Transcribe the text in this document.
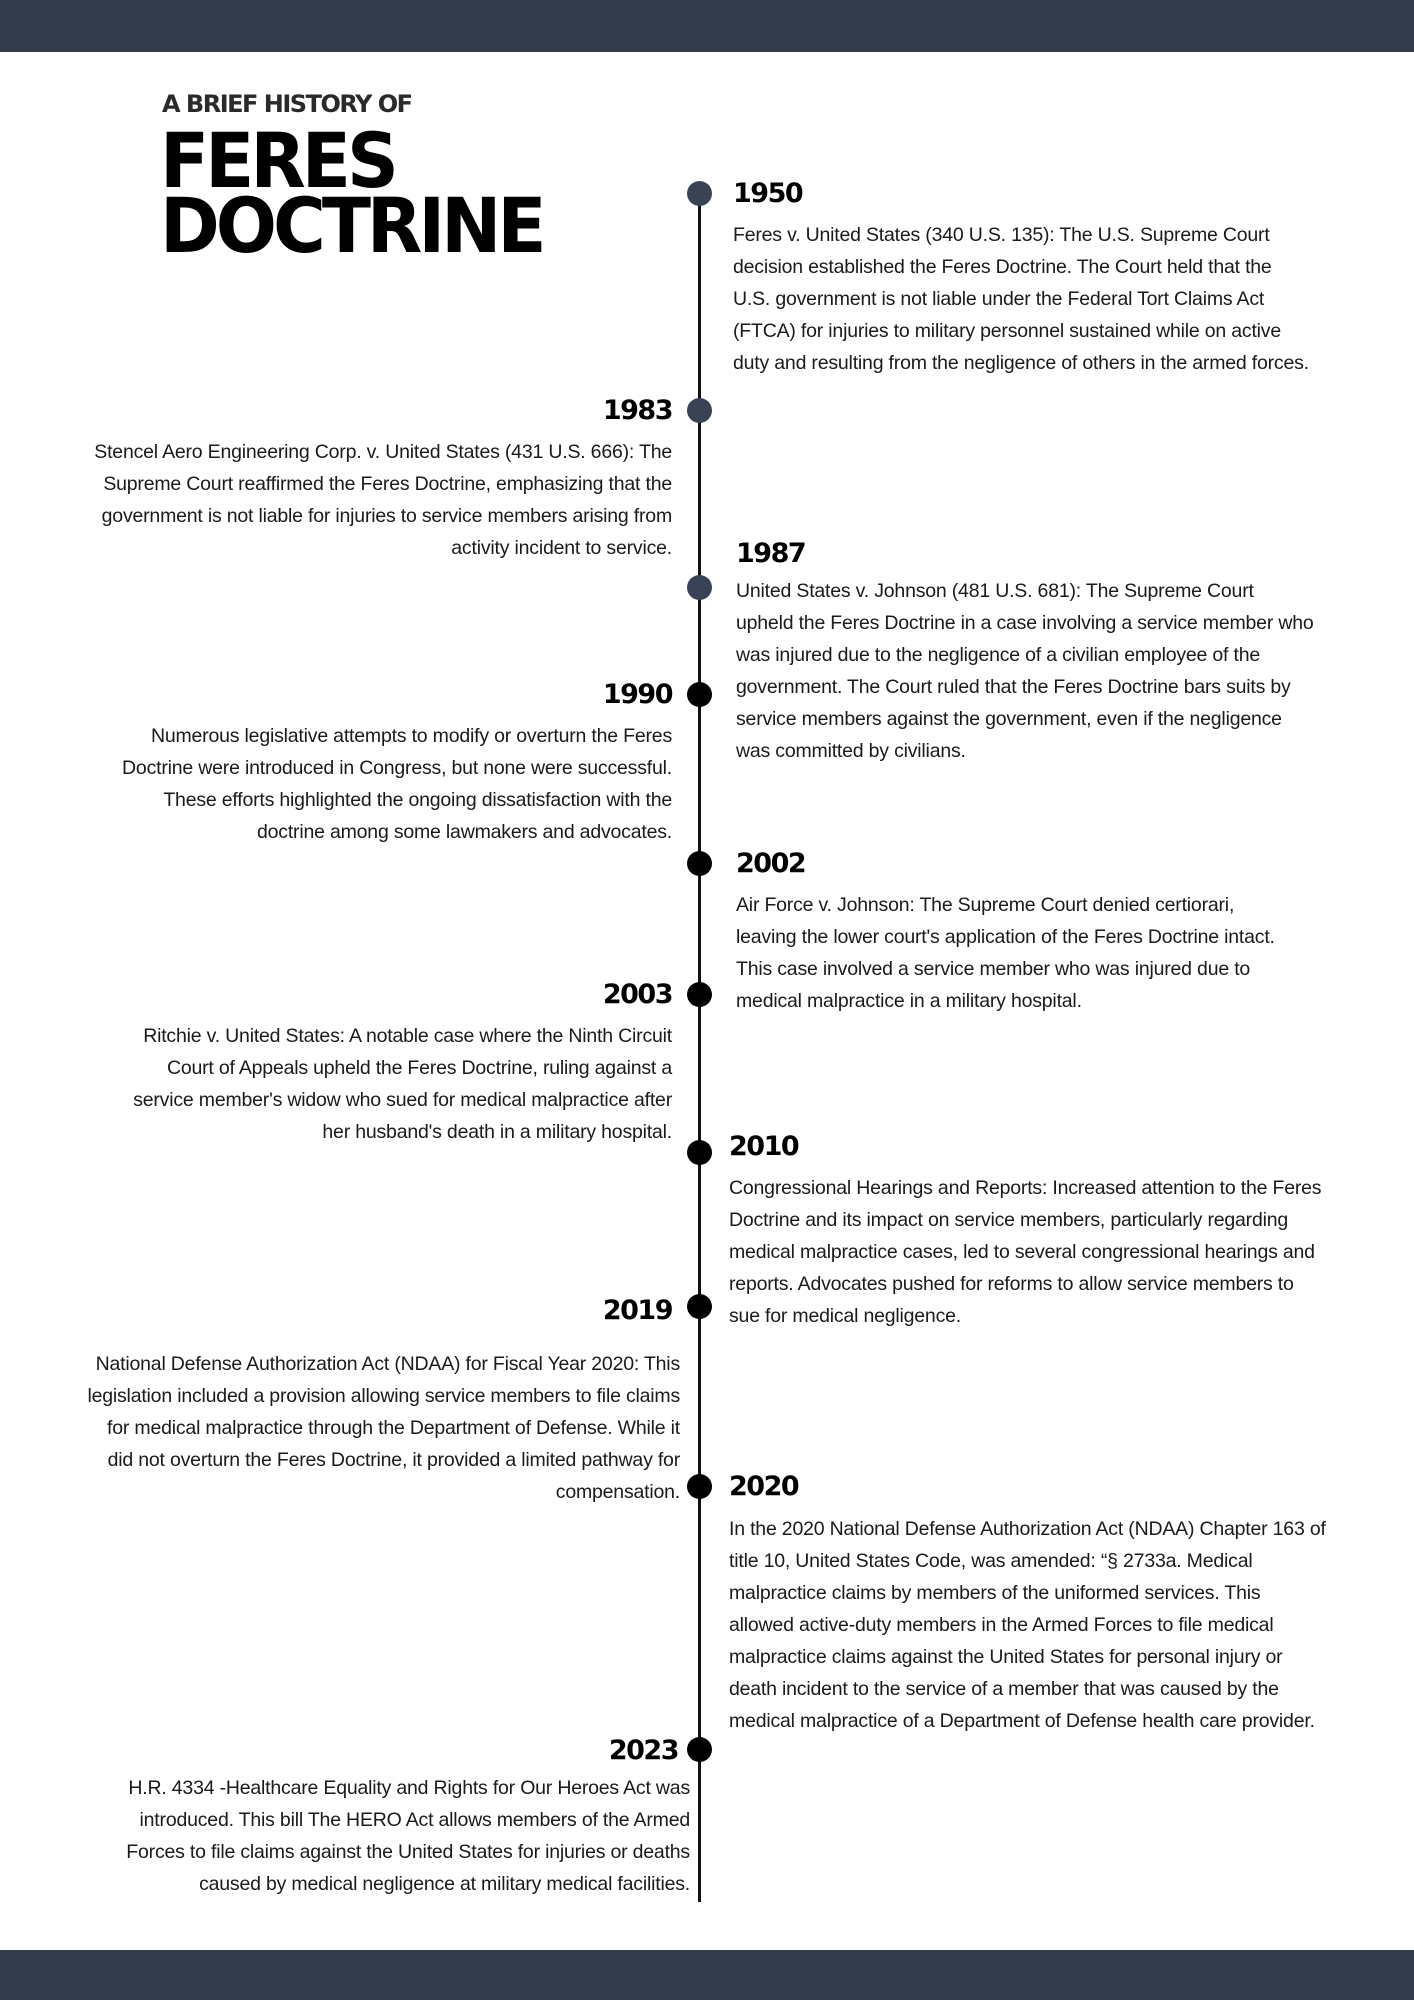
A BRIEF HISTORY OF
FERES
DOCTRINE	1950
Feres v. United States (340 U.S. 135): The U.S. Supreme Court decision established the Feres Doctrine. The Court held that the U.S. government is not liable under the Federal Tort Claims Act (FTCA) for injuries to military personnel sustained while on active duty and resulting from the negligence of others in the armed forces.
1983
Stencel Aero Engineering Corp. v. United States (431 U.S. 666): The Supreme Court reaffirmed the Feres Doctrine, emphasizing that the government is not liable for injuries to service members arising from activity incident to service. 1987
United States v. Johnson (481 U.S. 681): The Supreme Court upheld the Feres Doctrine in a case involving a service member who was injured due to the negligence of a civilian employee of the government. The Court ruled that the Feres Doctrine bars suits by service members against the government, even if the negligence was committed by civilians.
1990
Numerous legislative attempts to modify or overturn the Feres Doctrine were introduced in Congress, but none were successful. These efforts highlighted the ongoing dissatisfaction with the doctrine among some lawmakers and advocates.
2002
Air Force v. Johnson: The Supreme Court denied certiorari, leaving the lower court's application of the Feres Doctrine intact. This case involved a service member who was injured due to medical malpractice in a military hospital.
2003
Ritchie v. United States: A notable case where the Ninth Circuit Court of Appeals upheld the Feres Doctrine, ruling against a service member's widow who sued for medical malpractice after her husband's death in a military hospital. 2010
Congressional Hearings and Reports: Increased attention to the Feres Doctrine and its impact on service members, particularly regarding medical malpractice cases, led to several congressional hearings and reports. Advocates pushed for reforms to allow service members to sue for medical negligence.
2019
National Defense Authorization Act (NDAA) for Fiscal Year 2020: This legislation included a provision allowing service members to file claims for medical malpractice through the Department of Defense. While it did not overturn the Feres Doctrine, it provided a limited pathway for compensation. 2020
In the 2020 National Defense Authorization Act (NDAA) Chapter 163 of title 10, United States Code, was amended: “§ 2733a. Medical malpractice claims by members of the uniformed services. This allowed active-duty members in the Armed Forces to file medical malpractice claims against the United States for personal injury or death incident to the service of a member that was caused by the medical malpractice of a Department of Defense health care provider.
2023
H.R. 4334 -Healthcare Equality and Rights for Our Heroes Act was introduced. This bill The HERO Act allows members of the Armed Forces to file claims against the United States for injuries or deaths caused by medical negligence at military medical facilities.
